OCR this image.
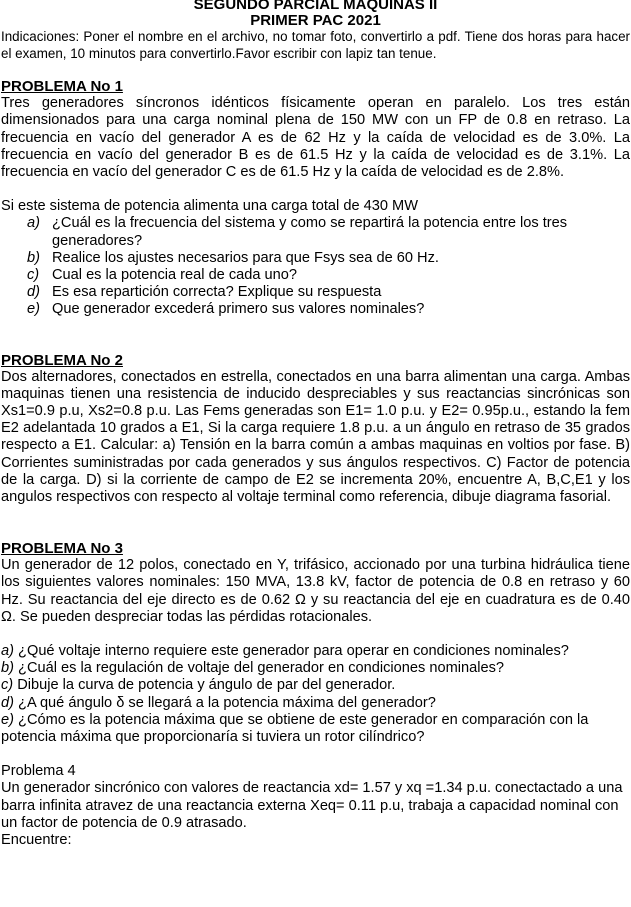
SEGUNDO PARCIAL MAQUINAS II

PRIMER PAC 2021

Indicaciones: Poner el nombre en el archivo, no tomar foto, convertirlo a pdf. Tiene dos horas para hacer el examen, 10 minutos para convertirlo.Favor escribir con lapiz tan tenue.

PROBLEMA No 1

Tres generadores síncronos idénticos físicamente operan en paralelo. Los tres están dimensionados para una carga nominal plena de 150 MW con un FP de 0.8 en retraso. La frecuencia en vacío del generador A es de 62 Hz y la caída de velocidad es de 3.0%. La frecuencia en vacío del generador B es de 61.5 Hz y la caída de velocidad es de 3.1%. La frecuencia en vacío del generador C es de 61.5 Hz y la caída de velocidad es de 2.8%.

Si este sistema de potencia alimenta una carga total de 430 MW

a) ¿Cuál es la frecuencia del sistema y como se repartirá la potencia entre los tres generadores?
b) Realice los ajustes necesarios para que Fsys sea de 60 Hz.
c) Cual es la potencia real de cada uno?
d) Es esa repartición correcta? Explique su respuesta
e) Que generador excederá primero sus valores nominales?

PROBLEMA No 2

Dos alternadores, conectados en estrella, conectados en una barra alimentan una carga. Ambas maquinas tienen una resistencia de inducido despreciables y sus reactancias sincrónicas son Xs1=0.9 p.u, Xs2=0.8 p.u. Las Fems generadas son E1= 1.0 p.u. y E2= 0.95p.u., estando la fem E2 adelantada 10 grados a E1, Si la carga requiere 1.8 p.u. a un ángulo en retraso de 35 grados respecto a E1. Calcular: a) Tensión en la barra común a ambas maquinas en voltios por fase. B) Corrientes suministradas por cada generados y sus ángulos respectivos. C) Factor de potencia de la carga. D) si la corriente de campo de E2 se incrementa 20%, encuentre A, B,C,E1 y los angulos respectivos con respecto al voltaje terminal como referencia, dibuje diagrama fasorial.

PROBLEMA No 3

Un generador de 12 polos, conectado en Y, trifásico, accionado por una turbina hidráulica tiene los siguientes valores nominales: 150 MVA, 13.8 kV, factor de potencia de 0.8 en retraso y 60 Hz. Su reactancia del eje directo es de 0.62 Ω y su reactancia del eje en cuadratura es de 0.40 Ω. Se pueden despreciar todas las pérdidas rotacionales.

a) ¿Qué voltaje interno requiere este generador para operar en condiciones nominales?
b) ¿Cuál es la regulación de voltaje del generador en condiciones nominales?
c) Dibuje la curva de potencia y ángulo de par del generador.
d) ¿A qué ángulo δ se llegará a la potencia máxima del generador?
e) ¿Cómo es la potencia máxima que se obtiene de este generador en comparación con la potencia máxima que proporcionaría si tuviera un rotor cilíndrico?

Problema 4

Un generador sincrónico con valores de reactancia xd= 1.57 y xq =1.34 p.u. conectactado a una barra infinita atravez de una reactancia externa Xeq= 0.11 p.u, trabaja a capacidad nominal con un factor de potencia de 0.9 atrasado.

Encuentre:
